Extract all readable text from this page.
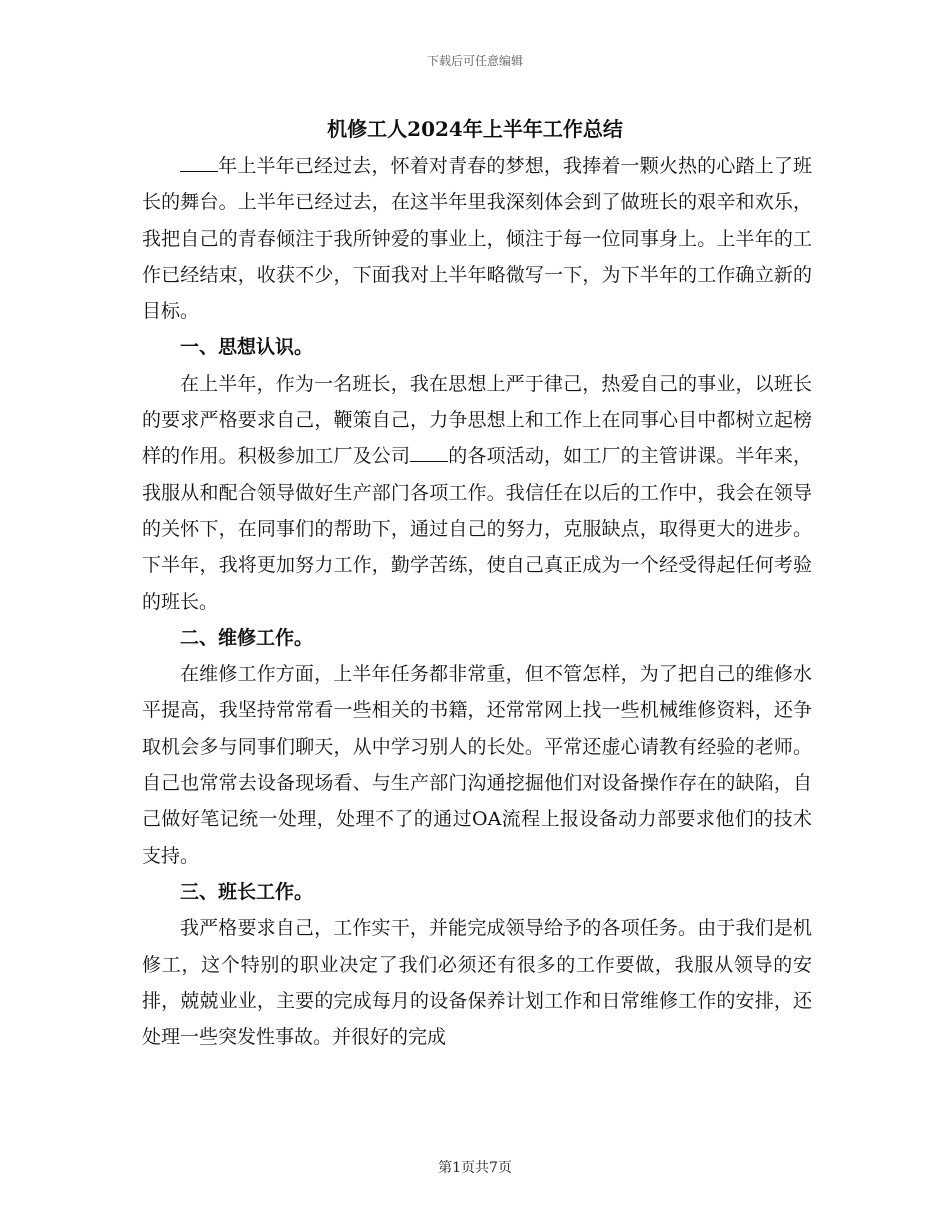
下载后可任意编辑
机修工人2024年上半年工作总结

年上半年已经过去，怀着对青春的梦想，我捧着一颗火热的心踏上了班长的舞台。上半年已经过去，在这半年里我深刻体会到了做班长的艰辛和欢乐，我把自己的青春倾注于我所钟爱的事业上，倾注于每一位同事身上。上半年的工作已经结束，收获不少，下面我对上半年略微写一下，为下半年的工作确立新的目标。

一、思想认识。

在上半年，作为一名班长，我在思想上严于律己，热爱自己的事业，以班长的要求严格要求自己，鞭策自己，力争思想上和工作上在同事心目中都树立起榜样的作用。积极参加工厂及公司 的各项活动，如工厂的主管讲课。半年来，我服从和配合领导做好生产部门各项工作。我信任在以后的工作中，我会在领导的关怀下，在同事们的帮助下，通过自己的努力，克服缺点，取得更大的进步。下半年，我将更加努力工作，勤学苦练，使自己真正成为一个经受得起任何考验的班长。

二、维修工作。

在维修工作方面，上半年任务都非常重，但不管怎样，为了把自己的维修水平提高，我坚持常常看一些相关的书籍，还常常网上找一些机械维修资料，还争取机会多与同事们聊天，从中学习别人的长处。平常还虚心请教有经验的老师。自己也常常去设备现场看、与生产部门沟通挖掘他们对设备操作存在的缺陷，自己做好笔记统一处理，处理不了的通过OA流程上报设备动力部要求他们的技术支持。

三、班长工作。

我严格要求自己，工作实干，并能完成领导给予的各项任务。由于我们是机修工，这个特别的职业决定了我们必须还有很多的工作要做，我服从领导的安排，兢兢业业，主要的完成每月的设备保养计划工作和日常维修工作的安排，还处理一些突发性事故。并很好的完成

第1页共7页
